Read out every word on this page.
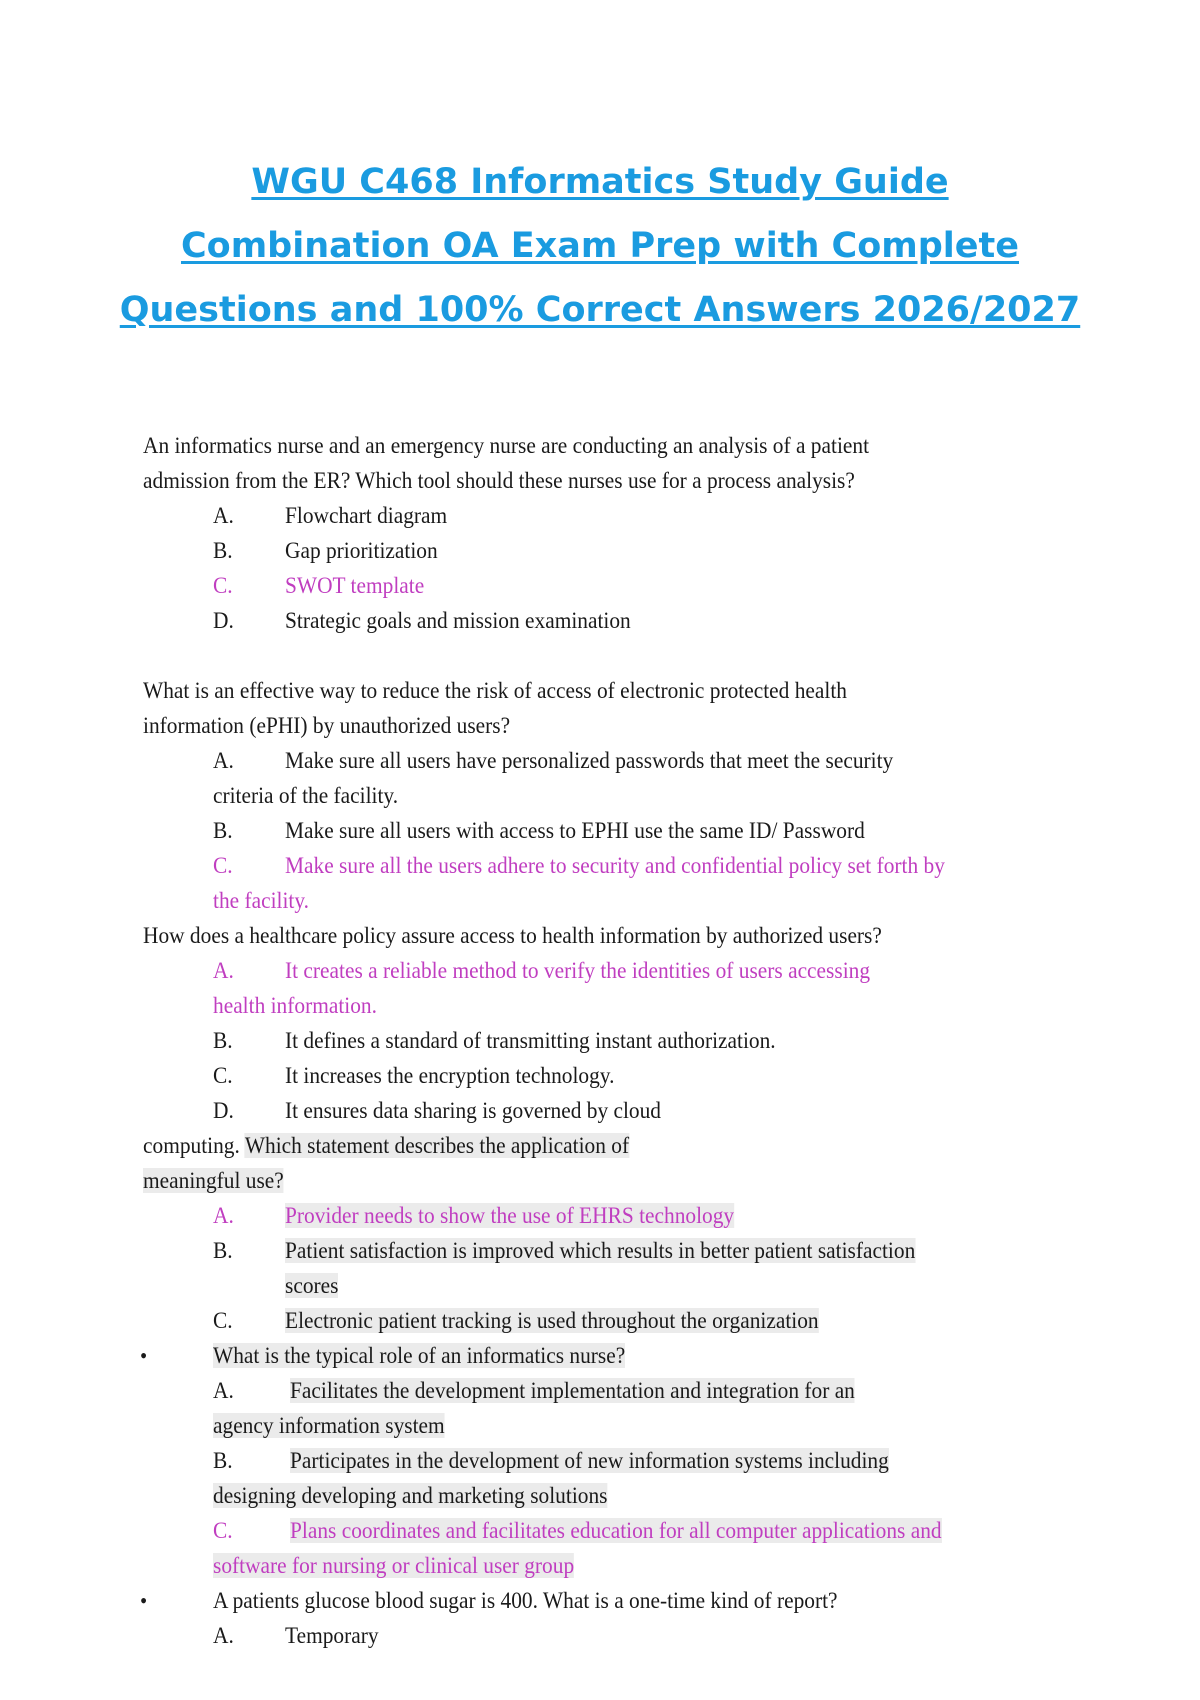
WGU C468 Informatics Study Guide
Combination OA Exam Prep with Complete
Questions and 100% Correct Answers 2026/2027
An informatics nurse and an emergency nurse are conducting an analysis of a patient
admission from the ER? Which tool should these nurses use for a process analysis?
A. Flowchart diagram
B. Gap prioritization
C. SWOT template
D. Strategic goals and mission examination
What is an effective way to reduce the risk of access of electronic protected health
information (ePHI) by unauthorized users?
A. Make sure all users have personalized passwords that meet the security
criteria of the facility.
B. Make sure all users with access to EPHI use the same ID/ Password
C. Make sure all the users adhere to security and confidential policy set forth by
the facility.
How does a healthcare policy assure access to health information by authorized users?
A. It creates a reliable method to verify the identities of users accessing
health information.
B. It defines a standard of transmitting instant authorization.
C. It increases the encryption technology.
D. It ensures data sharing is governed by cloud
computing. Which statement describes the application of
meaningful use?
A. Provider needs to show the use of EHRS technology
B. Patient satisfaction is improved which results in better patient satisfaction
scores
C. Electronic patient tracking is used throughout the organization
•	What is the typical role of an informatics nurse?
A. Facilitates the development implementation and integration for an
agency information system
B. Participates in the development of new information systems including
designing developing and marketing solutions
C. Plans coordinates and facilitates education for all computer applications and
software for nursing or clinical user group
•	A patients glucose blood sugar is 400. What is a one-time kind of report?
A. Temporary
